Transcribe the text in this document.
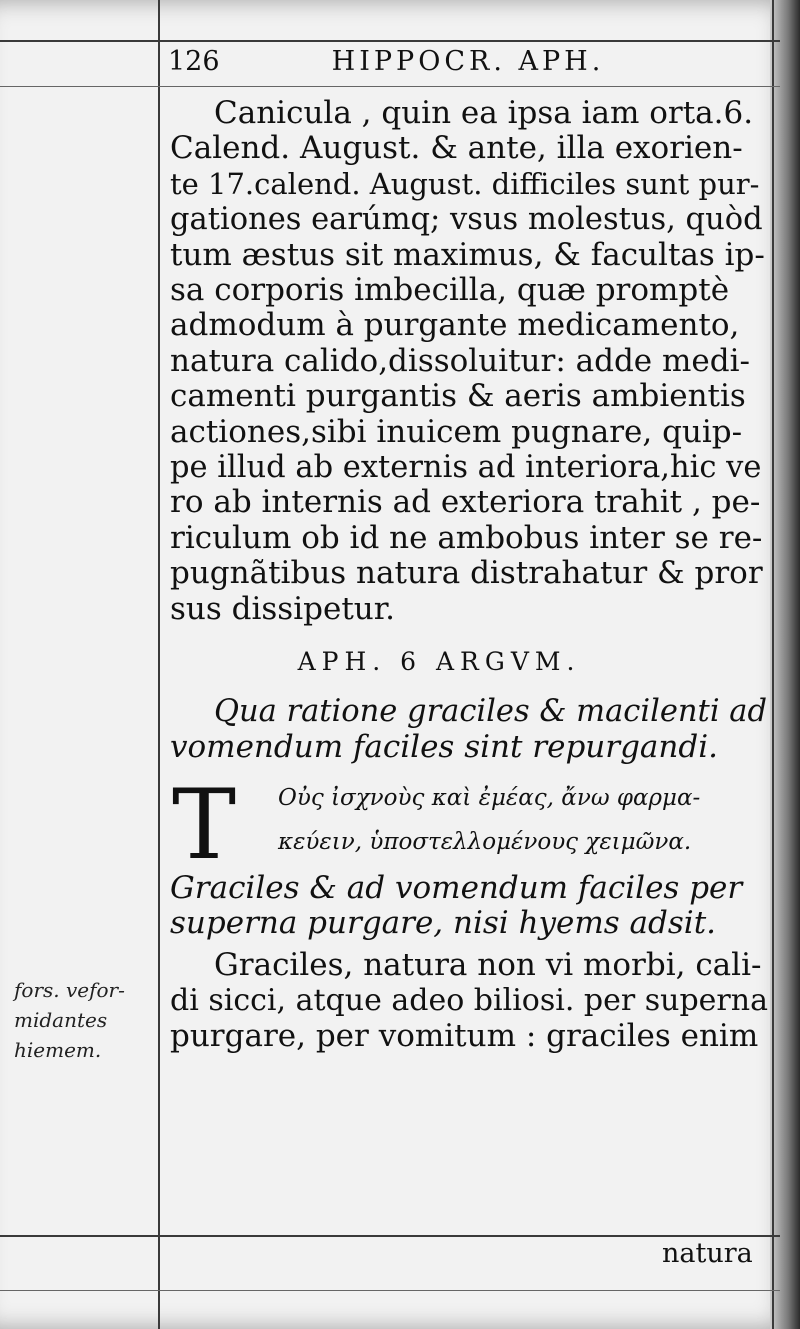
126	HIPPOCR. APH.
Canicula , quin ea ipsa iam orta.6.
Calend. August. & ante, illa exorien-
te 17.calend. August. difficiles sunt pur-
gationes earúmq; vsus molestus, quòd
tum æstus sit maximus, & facultas ip-
sa corporis imbecilla, quæ promptè
admodum à purgante medicamento,
natura calido,dissoluitur: adde medi-
camenti purgantis & aeris ambientis
actiones,sibi inuicem pugnare, quip-
pe illud ab externis ad interiora,hic ve
ro ab internis ad exteriora trahit , pe-
riculum ob id ne ambobus inter se re-
pugnãtibus natura distrahatur & pror
sus dissipetur.
APH. 6 ARGVM.
Qua ratione graciles & macilenti ad
vomendum faciles sint repurgandi.
T Οὐς ἰσχνοὺς καὶ ἐμέας, ἄνω φαρμα-
κεύειν, ὑποστελλομένους χειμῶνα.
Graciles & ad vomendum faciles per
superna purgare, nisi hyems adsit.
Graciles, natura non vi morbi, cali-
di sicci, atque adeo biliosi. per superna
purgare, per vomitum : graciles enim
fors. vefor-
midantes
hiemem.
natura
